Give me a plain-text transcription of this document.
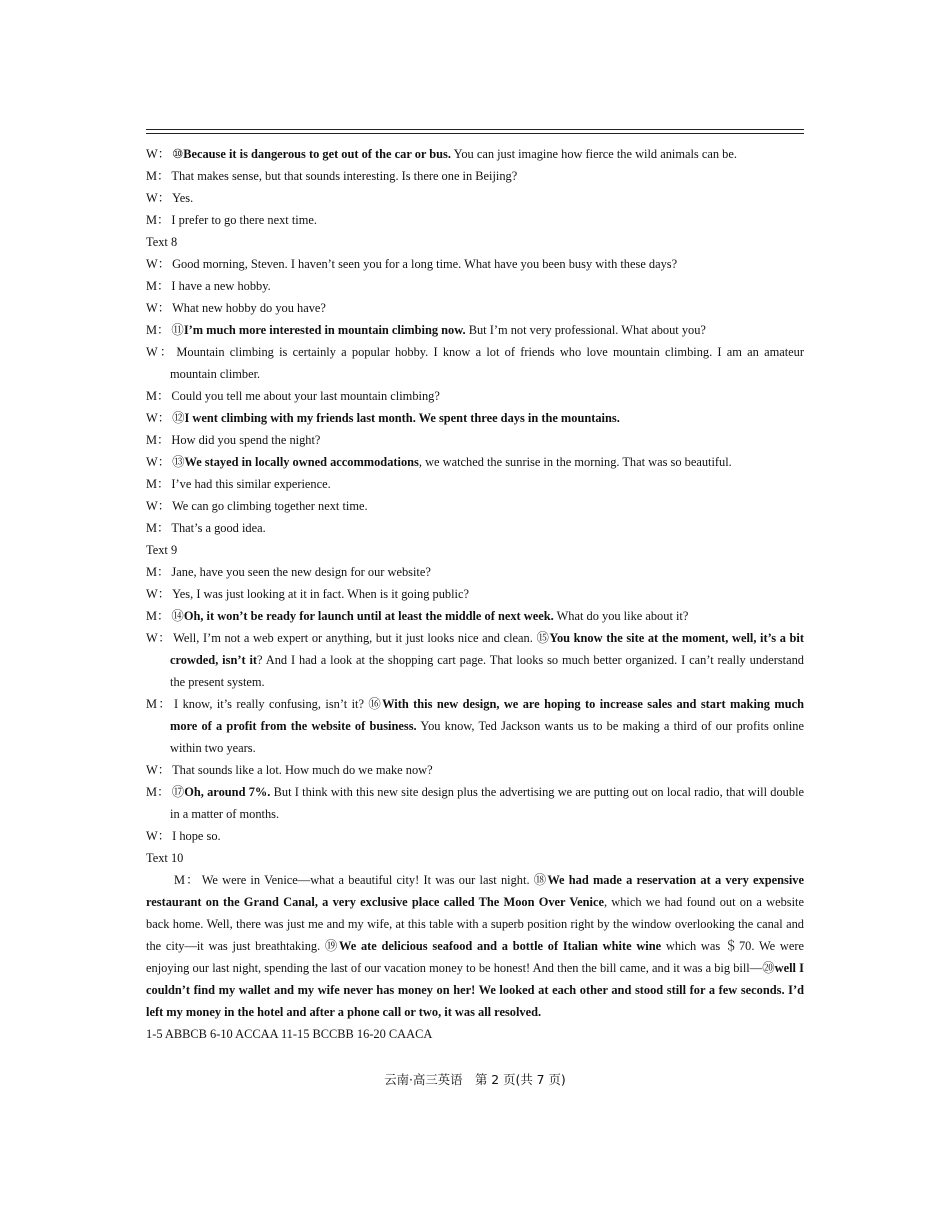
W： ⑩Because it is dangerous to get out of the car or bus. You can just imagine how fierce the wild animals can be.

M： That makes sense, but that sounds interesting. Is there one in Beijing?

W： Yes.

M： I prefer to go there next time.

Text 8

W： Good morning, Steven. I haven’t seen you for a long time. What have you been busy with these days?

M： I have a new hobby.

W： What new hobby do you have?

M： ⑪I’m much more interested in mountain climbing now. But I’m not very professional. What about you?

W： Mountain climbing is certainly a popular hobby. I know a lot of friends who love mountain climbing. I am an amateur mountain climber.

M： Could you tell me about your last mountain climbing?

W： ⑫I went climbing with my friends last month. We spent three days in the mountains.

M： How did you spend the night?

W： ⑬We stayed in locally owned accommodations, we watched the sunrise in the morning. That was so beautiful.

M： I’ve had this similar experience.

W： We can go climbing together next time.

M： That’s a good idea.

Text 9

M： Jane, have you seen the new design for our website?

W： Yes, I was just looking at it in fact. When is it going public?

M： ⑭Oh, it won’t be ready for launch until at least the middle of next week. What do you like about it?

W： Well, I’m not a web expert or anything, but it just looks nice and clean. ⑮You know the site at the moment, well, it’s a bit crowded, isn’t it? And I had a look at the shopping cart page. That looks so much better organized. I can’t really understand the present system.

M： I know, it’s really confusing, isn’t it? ⑯With this new design, we are hoping to increase sales and start making much more of a profit from the website of business. You know, Ted Jackson wants us to be making a third of our profits online within two years.

W： That sounds like a lot. How much do we make now?

M： ⑰Oh, around 7%. But I think with this new site design plus the advertising we are putting out on local radio, that will double in a matter of months.

W： I hope so.

Text 10

M： We were in Venice—what a beautiful city! It was our last night. ⑱We had made a reservation at a very expensive restaurant on the Grand Canal, a very exclusive place called The Moon Over Venice, which we had found out on a website back home. Well, there was just me and my wife, at this table with a superb position right by the window overlooking the canal and the city—it was just breathtaking. ⑲We ate delicious seafood and a bottle of Italian white wine which was ＄70. We were enjoying our last night, spending the last of our vacation money to be honest! And then the bill came, and it was a big bill—⑳well I couldn’t find my wallet and my wife never has money on her! We looked at each other and stood still for a few seconds. I’d left my money in the hotel and after a phone call or two, it was all resolved.

1-5 ABBCB 6-10 ACCAA 11-15 BCCBB 16-20 CAACA

云南·高三英语　第 2 页(共 7 页)
